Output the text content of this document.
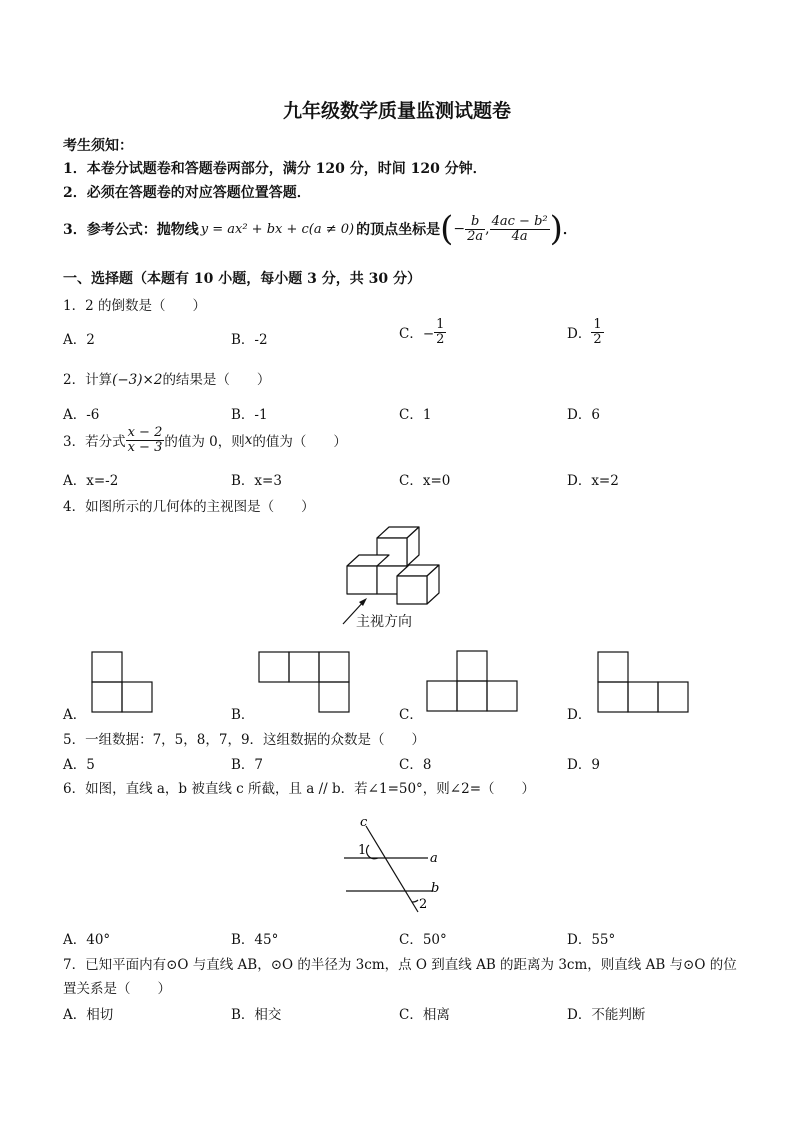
九年级数学质量监测试题卷
考生须知：
1．本卷分试题卷和答题卷两部分，满分 120 分，时间 120 分钟．
2．必须在答题卷的对应答题位置答题．
3．参考公式：抛物线 y = ax² + bx + c(a ≠ 0) 的顶点坐标是 ( − $\frac{b}{2a}$ , $\frac{\text{4ac − b²}}{4a}$ ) ．
一、选择题（本题有 10 小题，每小题 3 分，共 30 分）
1．2 的倒数是（　　）
A．2	B．-2	C．− $\frac{1}{2}$	D． $\frac{1}{2}$
2．计算(−3)×2的结果是（　　）
A．-6	B．-1	C．1	D．6
3．若分式 $\frac{x - 2}{x - 3}$ 的值为 0，则 x 的值为（　　）
A．x=-2	B．x=3	C．x=0	D．x=2
4．如图所示的几何体的主视图是（　　）
主视方向
A．	B．	C．	D．
5．一组数据：7，5，8，7，9．这组数据的众数是（　　）
A．5	B．7	C．8	D．9
6．如图，直线 a，b 被直线 c 所截，且 a // b．若∠1=50°，则∠2=（　　）
c
1
a
b
2
A．40°	B．45°	C．50°	D．55°
7．已知平面内有⊙O 与直线 AB，⊙O 的半径为 3cm，点 O 到直线 AB 的距离为 3cm，则直线 AB 与⊙O 的位
置关系是（　　）
A．相切	B．相交	C．相离	D．不能判断
